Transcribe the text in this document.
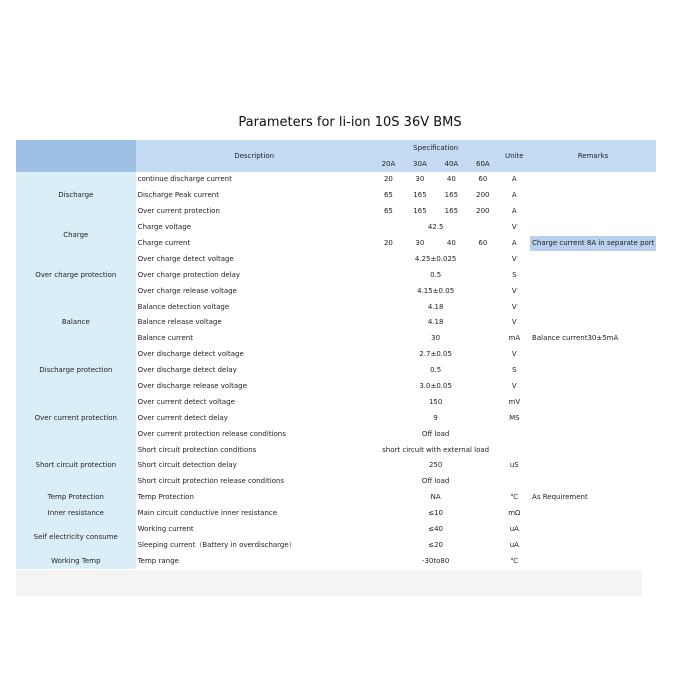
Parameters for li-ion 10S 36V BMS
	Description	Specification				Unite	Remarks
		20A	30A	40A	60A		
Discharge	continue discharge current	20	30	40	60	A	
	Discharge Peak current	65	165	165	200	A	
	Over current protection	65	165	165	200	A	
Charge	Charge voltage	42.5				V	
	Charge current	20	30	40	60	A	Charge current 8A in separate port
Over charge protection	Over charge detect voltage	4.25±0.025				V	
	Over charge protection delay	0.5				S	
	Over charge release voltage	4.15±0.05				V	
Balance	Balance detection voltage	4.18				V	
	Balance release voltage	4.18				V	
	Balance current	30				mA	Balance current30±5mA
Discharge protection	Over discharge detect voltage	2.7±0.05				V	
	Over discharge detect delay	0.5				S	
	Over discharge release voltage	3.0±0.05				V	
Over current protection	Over current detect voltage	150				mV	
	Over current detect delay	9				MS	
	Over current protection release conditions	Off load					
Short circuit protection	Short circuit protection conditions	short circuit with external load					
	Short circuit detection delay	250				uS	
	Short circuit protection release conditions	Off load					
Temp Protection	Temp Protection	NA				℃	As Requirement
Inner resistance	Main circuit conductive inner resistance	≤10				mΩ	
Self electricity consume	Working current	≤40				uA	
	Sleeping current（Battery in overdischarge）	≤20				uA	
Working Temp	Temp range	-30to80				℃	
